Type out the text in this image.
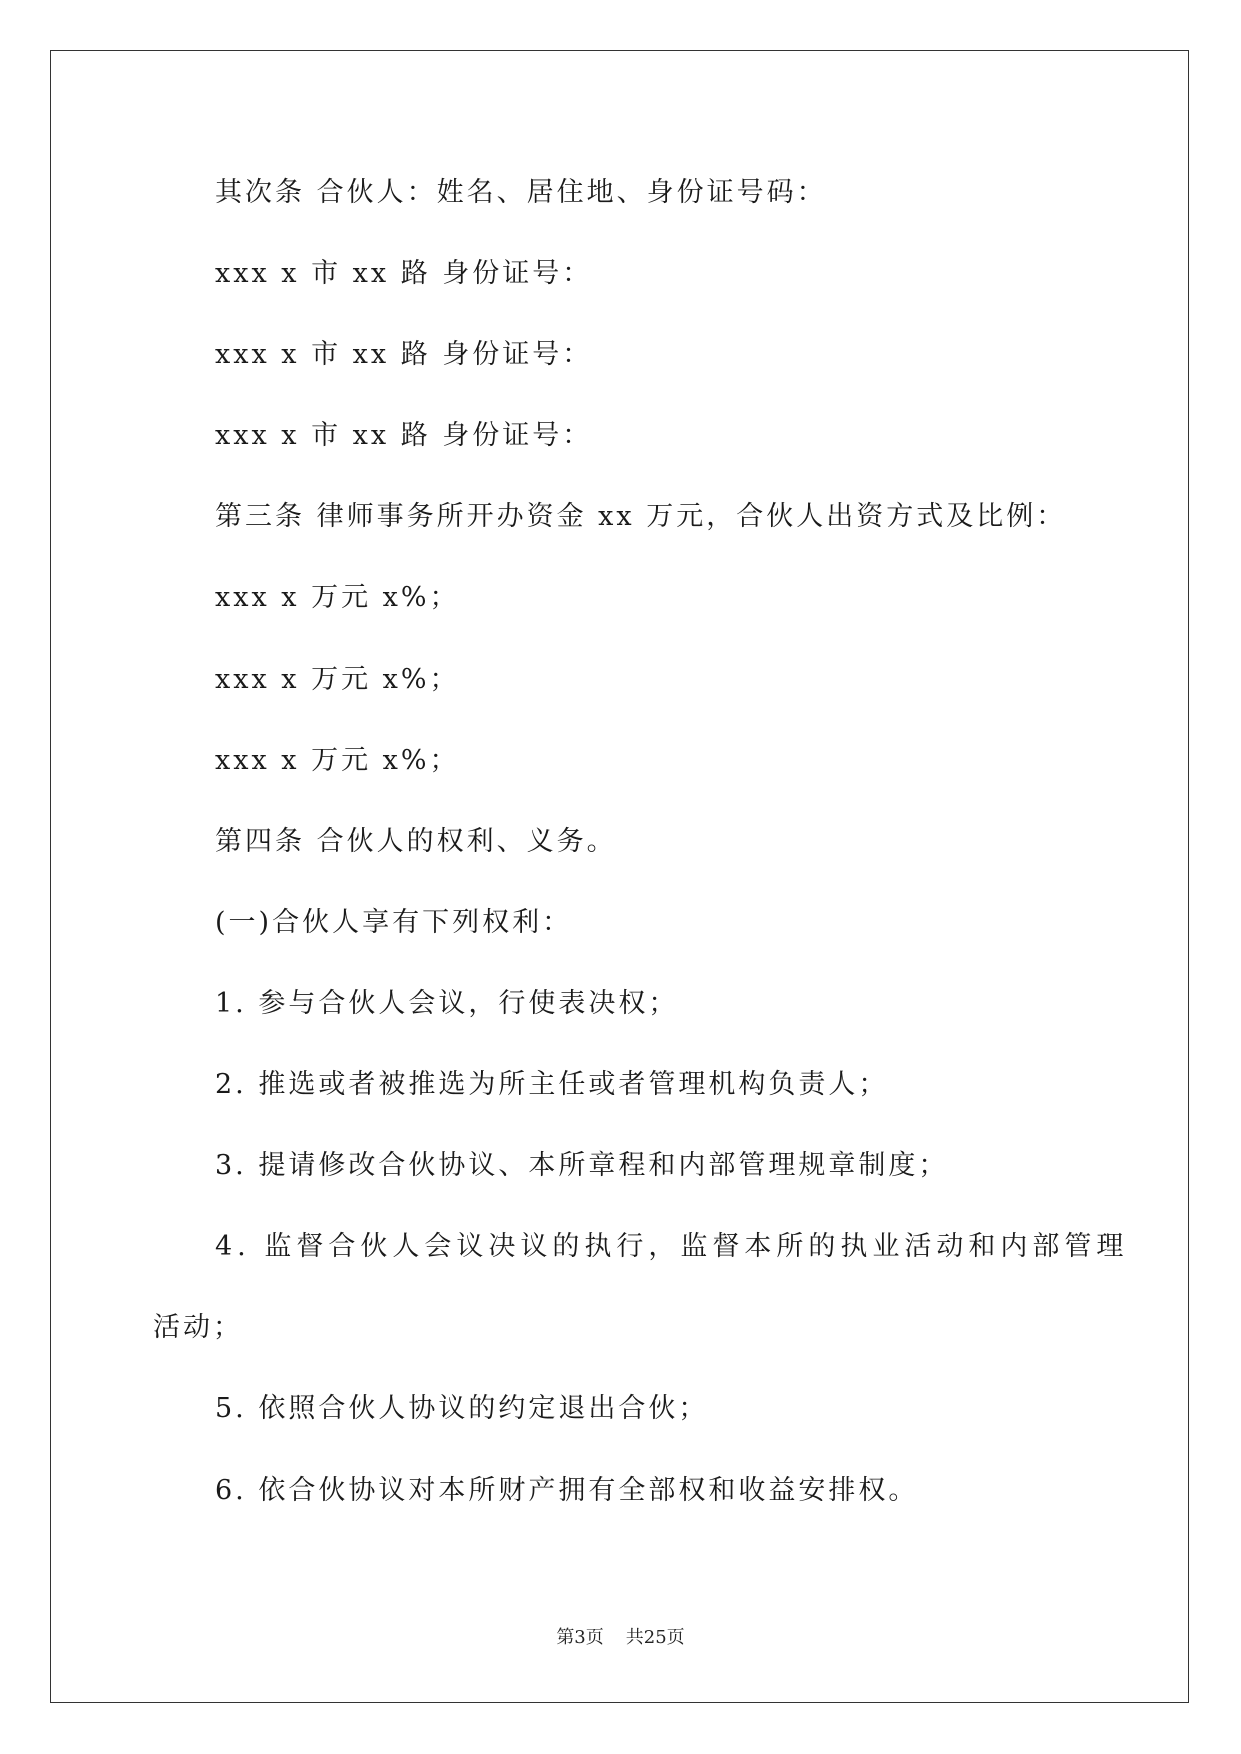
其次条 合伙人：姓名、居住地、身份证号码：
xxx x 市 xx 路 身份证号：
xxx x 市 xx 路 身份证号：
xxx x 市 xx 路 身份证号：
第三条 律师事务所开办资金 xx 万元，合伙人出资方式及比例：
xxx x 万元 x%；
xxx x 万元 x%；
xxx x 万元 x%；
第四条 合伙人的权利、义务。
(一)合伙人享有下列权利：
1. 参与合伙人会议，行使表决权；
2. 推选或者被推选为所主任或者管理机构负责人；
3. 提请修改合伙协议、本所章程和内部管理规章制度；
4. 监督合伙人会议决议的执行，监督本所的执业活动和内部管理
活动；
5. 依照合伙人协议的约定退出合伙；
6. 依合伙协议对本所财产拥有全部权和收益安排权。
第3页 共25页
